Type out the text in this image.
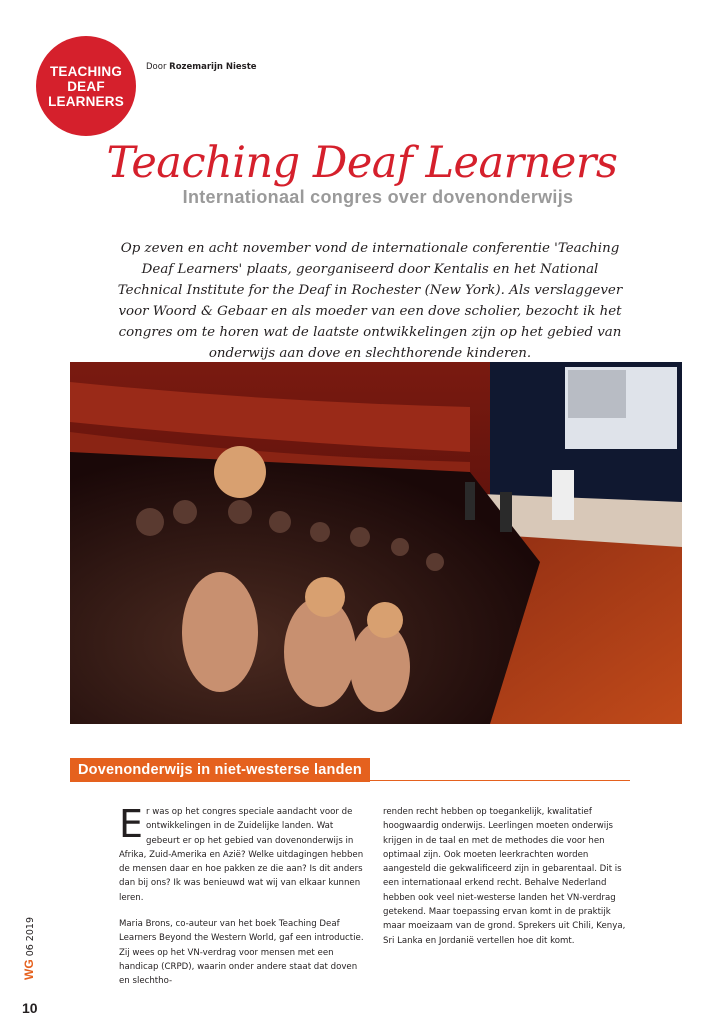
TEACHING
DEAF
LEARNERS
Door Rozemarijn Nieste
Teaching Deaf Learners
Internationaal congres over dovenonderwijs
Op zeven en acht november vond de internationale conferentie 'Teaching Deaf Learners' plaats, georganiseerd door Kentalis en het National Technical Institute for the Deaf in Rochester (New York). Als verslaggever voor Woord & Gebaar en als moeder van een dove scholier, bezocht ik het congres om te horen wat de laatste ontwikkelingen zijn op het gebied van onderwijs aan dove en slechthorende kinderen.
Dovenonderwijs in niet-westerse landen

Er was op het congres speciale aandacht voor de ontwikkelingen in de Zuidelijke landen. Wat gebeurt er op het gebied van dovenonderwijs in Afrika, Zuid-Amerika en Azië? Welke uitdagingen hebben de mensen daar en hoe pakken ze die aan? Is dit anders dan bij ons? Ik was benieuwd wat wij van elkaar kunnen leren.

Maria Brons, co-auteur van het boek Teaching Deaf Learners Beyond the Western World, gaf een introductie. Zij wees op het VN-verdrag voor mensen met een handicap (CRPD), waarin onder andere staat dat doven en slechtho-

renden recht hebben op toegankelijk, kwalitatief hoogwaardig onderwijs. Leerlingen moeten onderwijs krijgen in de taal en met de methodes die voor hen optimaal zijn. Ook moeten leerkrachten worden aangesteld die gekwalificeerd zijn in gebarentaal. Dit is een internationaal erkend recht. Behalve Nederland hebben ook veel niet-westerse landen het VN-verdrag getekend. Maar toepassing ervan komt in de praktijk maar moeizaam van de grond. Sprekers uit Chili, Kenya, Sri Lanka en Jordanië vertellen hoe dit komt.

WG 06 2019
10
